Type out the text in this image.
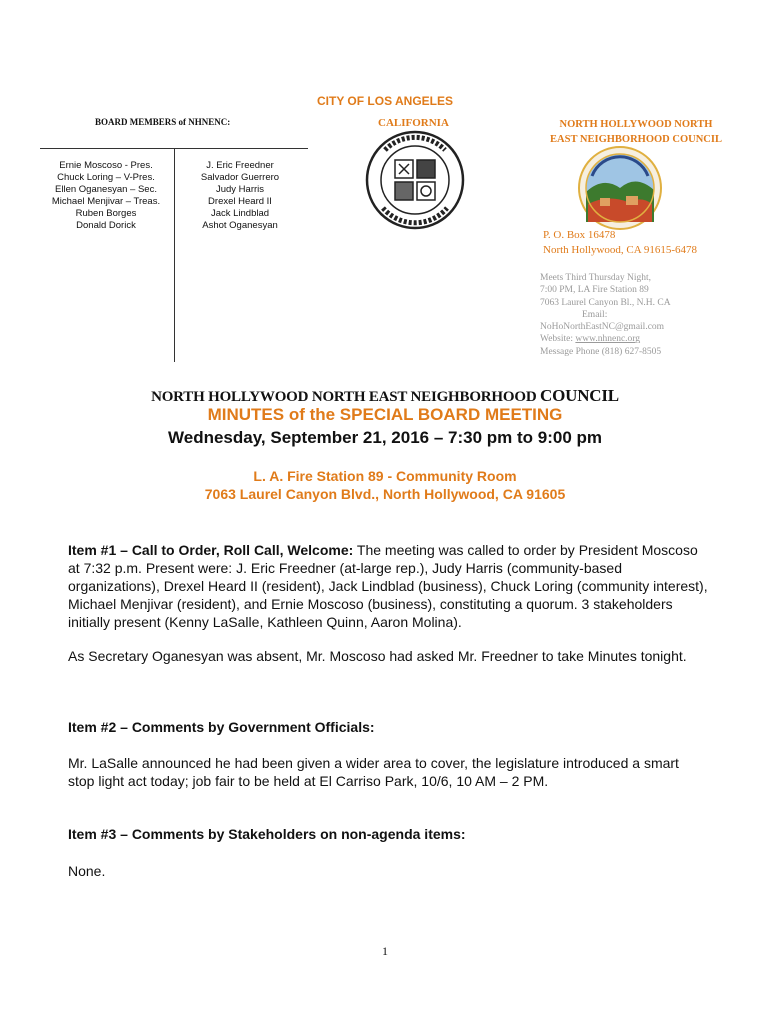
CITY OF LOS ANGELES
BOARD MEMBERS of NHNENC:	CALIFORNIA	NORTH HOLLYWOOD NORTH
EAST NEIGHBORHOOD COUNCIL
Ernie Moscoso - Pres.
Chuck Loring – V-Pres.
Ellen Oganesyan – Sec.
Michael Menjivar – Treas.
Ruben Borges
Donald Dorick
J. Eric Freedner
Salvador Guerrero
Judy Harris
Drexel Heard II
Jack Lindblad
Ashot Oganesyan
P. O. Box 16478
North Hollywood, CA 91615-6478
Meets Third Thursday Night,
7:00 PM, LA Fire Station 89
7063 Laurel Canyon Bl., N.H. CA
Email:
NoHoNorthEastNC@gmail.com
Website: www.nhnenc.org
Message Phone (818) 627-8505
NORTH HOLLYWOOD NORTH EAST NEIGHBORHOOD COUNCIL
MINUTES of the SPECIAL BOARD MEETING
Wednesday, September 21, 2016 – 7:30 pm to 9:00 pm
L. A. Fire Station 89 - Community Room
7063 Laurel Canyon Blvd., North Hollywood, CA 91605
Item #1 – Call to Order, Roll Call, Welcome: The meeting was called to order by President Moscoso at 7:32 p.m. Present were: J. Eric Freedner (at-large rep.), Judy Harris (community-based organizations), Drexel Heard II (resident), Jack Lindblad (business), Chuck Loring (community interest), Michael Menjivar (resident), and Ernie Moscoso (business), constituting a quorum. 3 stakeholders initially present (Kenny LaSalle, Kathleen Quinn, Aaron Molina).
As Secretary Oganesyan was absent, Mr. Moscoso had asked Mr. Freedner to take Minutes tonight.
Item #2 – Comments by Government Officials:
Mr. LaSalle announced he had been given a wider area to cover, the legislature introduced a smart stop light act today; job fair to be held at El Carriso Park, 10/6, 10 AM – 2 PM.
Item #3 – Comments by Stakeholders on non-agenda items:
None.
1
